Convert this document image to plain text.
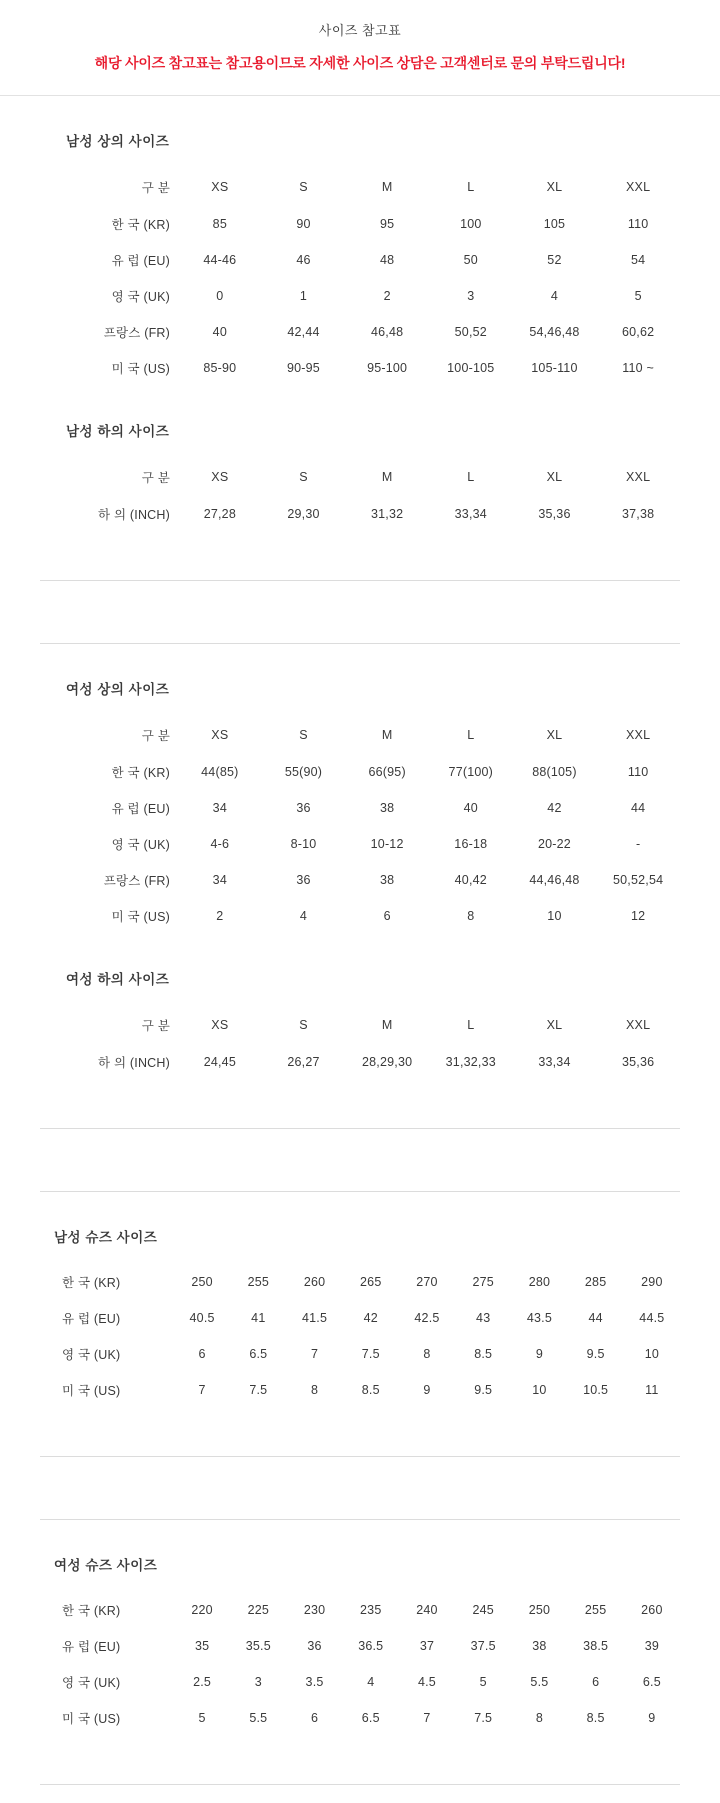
사이즈 참고표

해당 사이즈 참고표는 참고용이므로 자세한 사이즈 상담은 고객센터로 문의 부탁드립니다!

남성 상의 사이즈
구 분	XS	S	M	L	XL	XXL
한 국 (KR)	85	90	95	100	105	110
유 럽 (EU)	44-46	46	48	50	52	54
영 국 (UK)	0	1	2	3	4	5
프랑스 (FR)	40	42,44	46,48	50,52	54,46,48	60,62
미 국 (US)	85-90	90-95	95-100	100-105	105-110	110 ~
남성 하의 사이즈
구 분	XS	S	M	L	XL	XXL
하 의 (INCH)	27,28	29,30	31,32	33,34	35,36	37,38
여성 상의 사이즈
구 분	XS	S	M	L	XL	XXL
한 국 (KR)	44(85)	55(90)	66(95)	77(100)	88(105)	110
유 럽 (EU)	34	36	38	40	42	44
영 국 (UK)	4-6	8-10	10-12	16-18	20-22	-
프랑스 (FR)	34	36	38	40,42	44,46,48	50,52,54
미 국 (US)	2	4	6	8	10	12
여성 하의 사이즈
구 분	XS	S	M	L	XL	XXL
하 의 (INCH)	24,45	26,27	28,29,30	31,32,33	33,34	35,36
남성 슈즈 사이즈
한 국 (KR)	250	255	260	265	270	275	280	285	290
유 럽 (EU)	40.5	41	41.5	42	42.5	43	43.5	44	44.5
영 국 (UK)	6	6.5	7	7.5	8	8.5	9	9.5	10
미 국 (US)	7	7.5	8	8.5	9	9.5	10	10.5	11
여성 슈즈 사이즈
한 국 (KR)	220	225	230	235	240	245	250	255	260
유 럽 (EU)	35	35.5	36	36.5	37	37.5	38	38.5	39
영 국 (UK)	2.5	3	3.5	4	4.5	5	5.5	6	6.5
미 국 (US)	5	5.5	6	6.5	7	7.5	8	8.5	9
